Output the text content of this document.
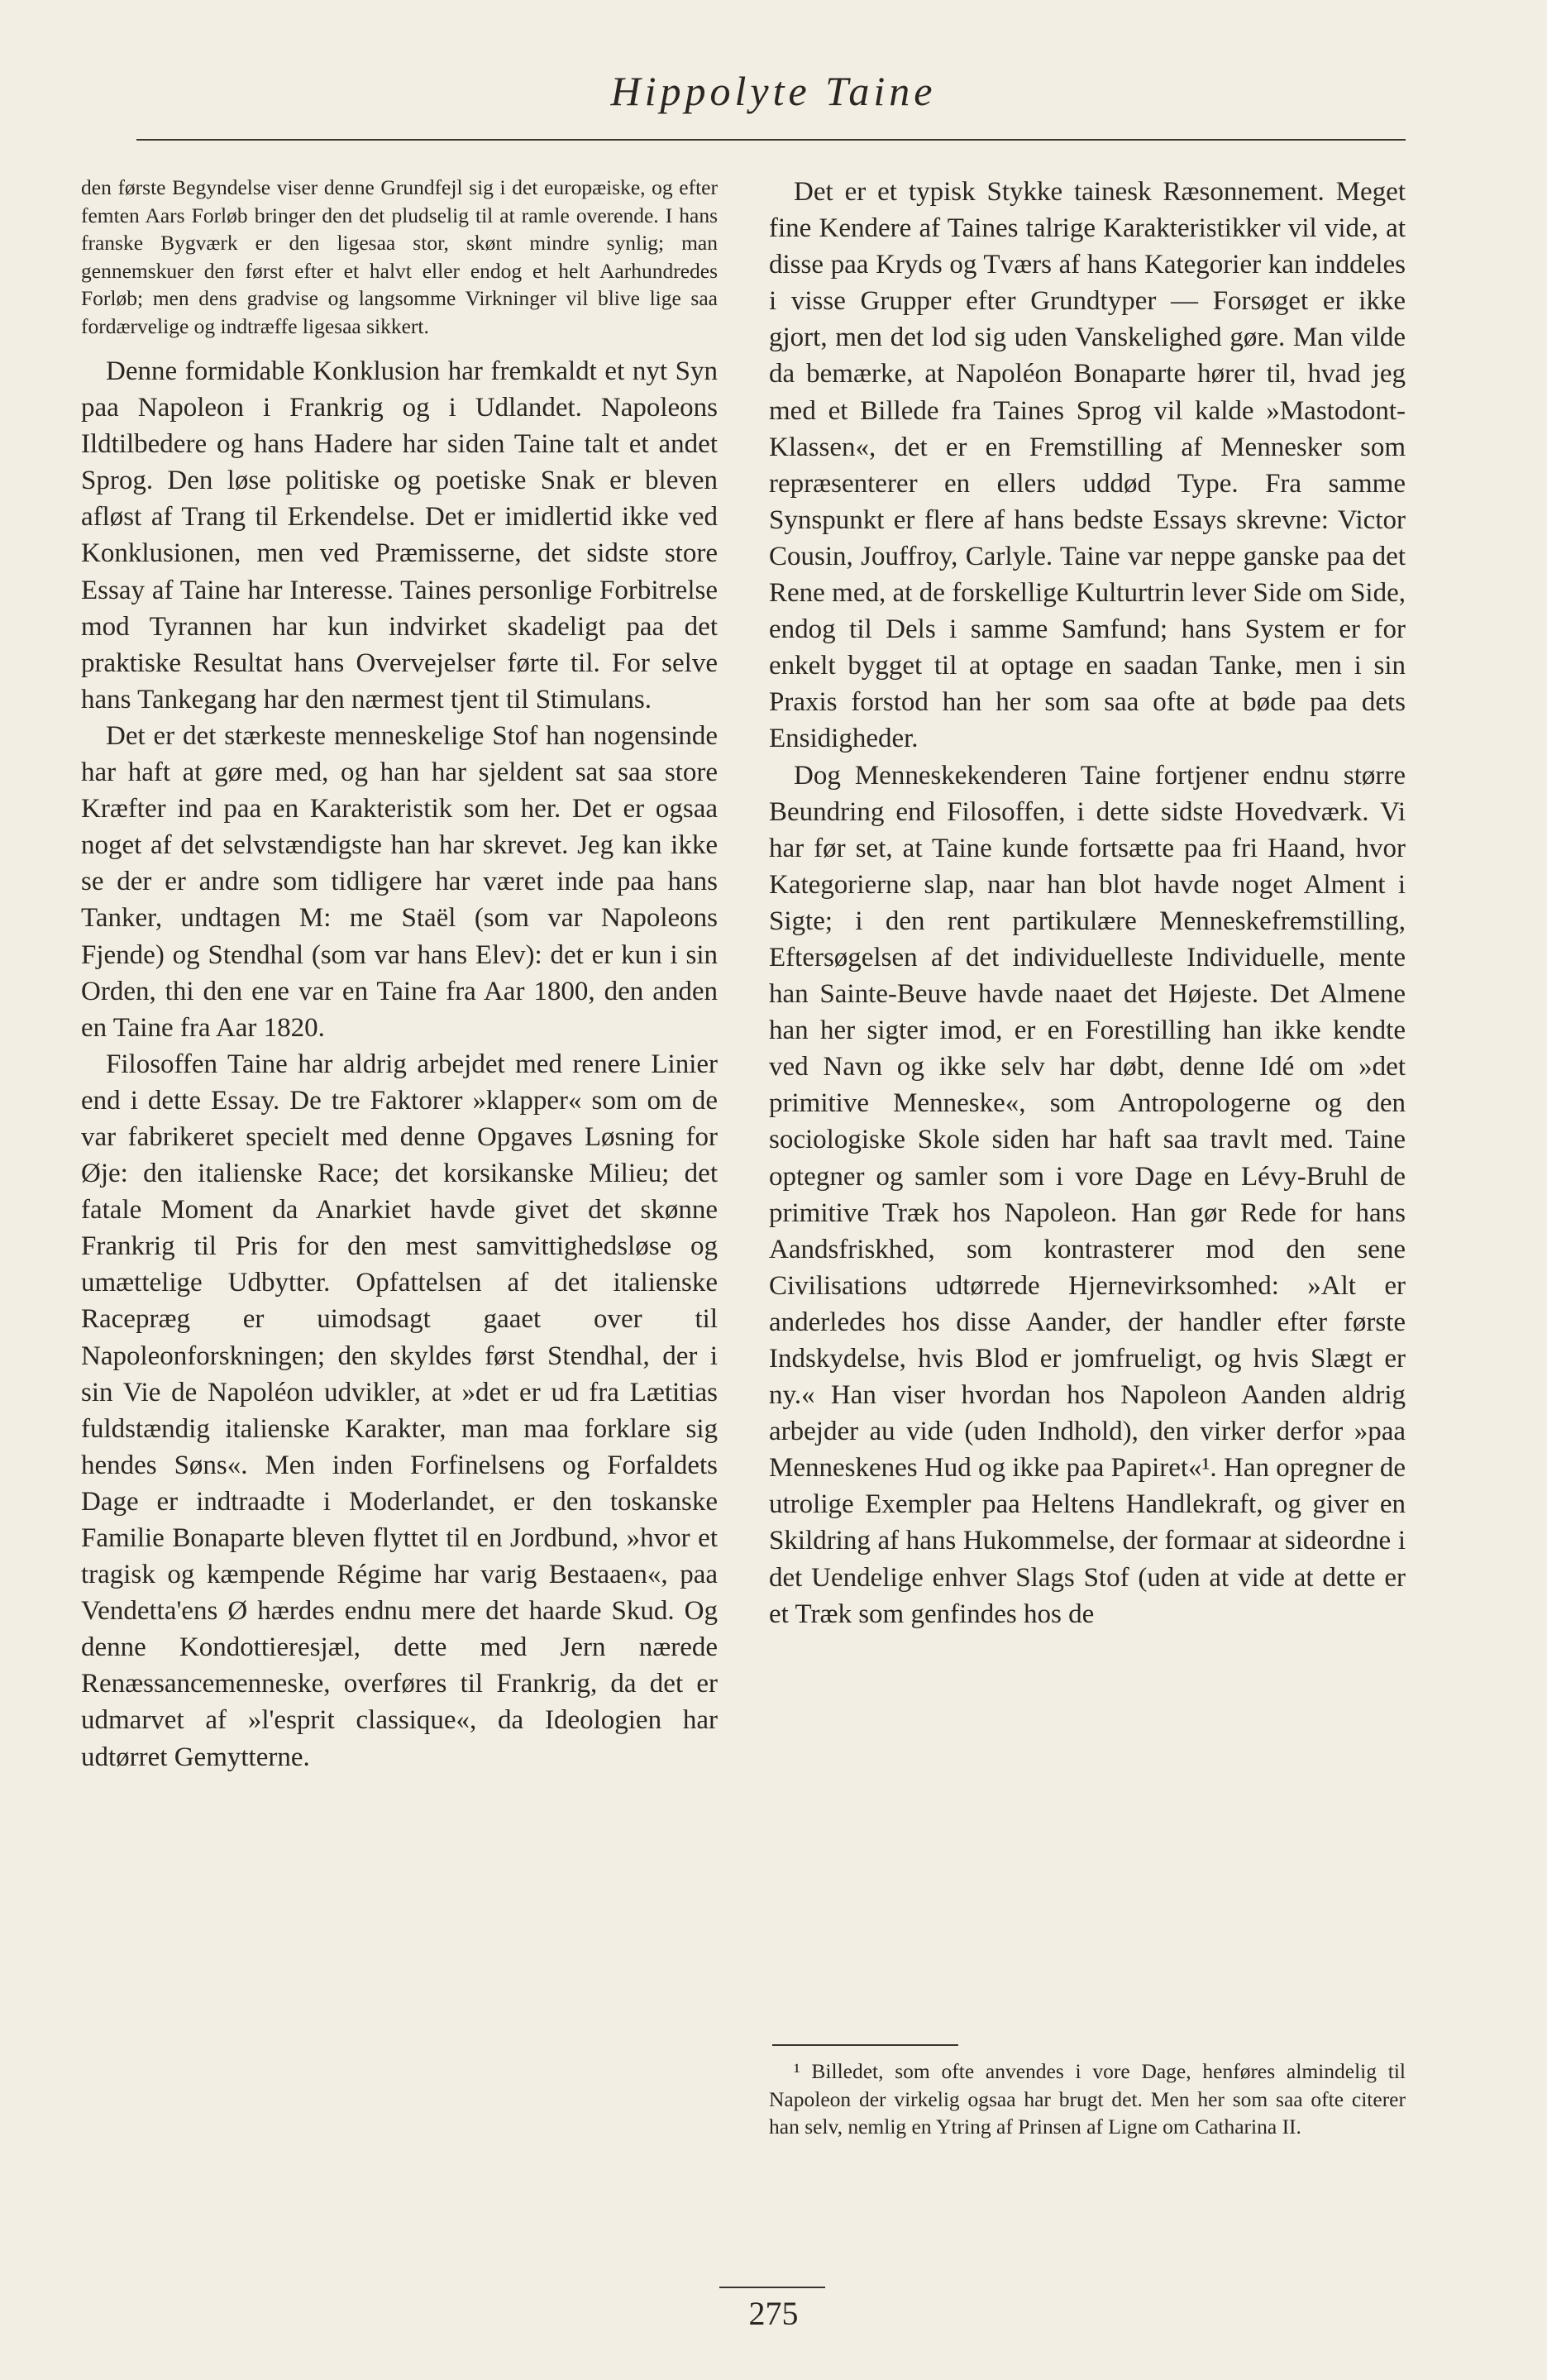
Hippolyte Taine

den første Begyndelse viser denne Grundfejl sig i det europæiske, og efter femten Aars Forløb bringer den det pludselig til at ramle overende. I hans franske Bygværk er den ligesaa stor, skønt mindre synlig; man gennemskuer den først efter et halvt eller endog et helt Aarhundredes Forløb; men dens gradvise og langsomme Virkninger vil blive lige saa fordærvelige og indtræffe ligesaa sikkert.

Denne formidable Konklusion har fremkaldt et nyt Syn paa Napoleon i Frankrig og i Udlandet. Napoleons Ildtilbedere og hans Hadere har siden Taine talt et andet Sprog. Den løse politiske og poetiske Snak er bleven afløst af Trang til Erkendelse. Det er imidlertid ikke ved Konklusionen, men ved Præmisserne, det sidste store Essay af Taine har Interesse. Taines personlige Forbitrelse mod Tyrannen har kun indvirket skadeligt paa det praktiske Resultat hans Overvejelser førte til. For selve hans Tankegang har den nærmest tjent til Stimulans.

Det er det stærkeste menneskelige Stof han nogensinde har haft at gøre med, og han har sjeldent sat saa store Kræfter ind paa en Karakteristik som her. Det er ogsaa noget af det selvstændigste han har skrevet. Jeg kan ikke se der er andre som tidligere har været inde paa hans Tanker, undtagen M: me Staël (som var Napoleons Fjende) og Stendhal (som var hans Elev): det er kun i sin Orden, thi den ene var en Taine fra Aar 1800, den anden en Taine fra Aar 1820.

Filosoffen Taine har aldrig arbejdet med renere Linier end i dette Essay. De tre Faktorer »klapper« som om de var fabrikeret specielt med denne Opgaves Løsning for Øje: den italienske Race; det korsikanske Milieu; det fatale Moment da Anarkiet havde givet det skønne Frankrig til Pris for den mest samvittighedsløse og umættelige Udbytter. Opfattelsen af det italienske Racepræg er uimodsagt gaaet over til Napoleonforskningen; den skyldes først Stendhal, der i sin Vie de Napoléon udvikler, at »det er ud fra Lætitias fuldstændig italienske Karakter, man maa forklare sig hendes Søns«. Men inden Forfinelsens og Forfaldets Dage er indtraadte i Moderlandet, er den toskanske Familie Bonaparte bleven flyttet til en Jordbund, »hvor et tragisk og kæmpende Régime har varig Bestaaen«, paa Vendetta'ens Ø hærdes endnu mere det haarde Skud. Og denne Kondottieresjæl, dette med Jern nærede Renæssancemenneske, overføres til Frankrig, da det er udmarvet af »l'esprit classique«, da Ideologien har udtørret Gemytterne.

Det er et typisk Stykke tainesk Ræsonnement. Meget fine Kendere af Taines talrige Karakteristikker vil vide, at disse paa Kryds og Tværs af hans Kategorier kan inddeles i visse Grupper efter Grundtyper — Forsøget er ikke gjort, men det lod sig uden Vanskelighed gøre. Man vilde da bemærke, at Napoléon Bonaparte hører til, hvad jeg med et Billede fra Taines Sprog vil kalde »Mastodont-Klassen«, det er en Fremstilling af Mennesker som repræsenterer en ellers uddød Type. Fra samme Synspunkt er flere af hans bedste Essays skrevne: Victor Cousin, Jouffroy, Carlyle. Taine var neppe ganske paa det Rene med, at de forskellige Kulturtrin lever Side om Side, endog til Dels i samme Samfund; hans System er for enkelt bygget til at optage en saadan Tanke, men i sin Praxis forstod han her som saa ofte at bøde paa dets Ensidigheder.

Dog Menneskekenderen Taine fortjener endnu større Beundring end Filosoffen, i dette sidste Hovedværk. Vi har før set, at Taine kunde fortsætte paa fri Haand, hvor Kategorierne slap, naar han blot havde noget Alment i Sigte; i den rent partikulære Menneskefremstilling, Eftersøgelsen af det individuelleste Individuelle, mente han Sainte-Beuve havde naaet det Højeste. Det Almene han her sigter imod, er en Forestilling han ikke kendte ved Navn og ikke selv har døbt, denne Idé om »det primitive Menneske«, som Antropologerne og den sociologiske Skole siden har haft saa travlt med. Taine optegner og samler som i vore Dage en Lévy-Bruhl de primitive Træk hos Napoleon. Han gør Rede for hans Aandsfriskhed, som kontrasterer mod den sene Civilisations udtørrede Hjernevirksomhed: »Alt er anderledes hos disse Aander, der handler efter første Indskydelse, hvis Blod er jomfrueligt, og hvis Slægt er ny.« Han viser hvordan hos Napoleon Aanden aldrig arbejder au vide (uden Indhold), den virker derfor »paa Menneskenes Hud og ikke paa Papiret«¹. Han opregner de utrolige Exempler paa Heltens Handlekraft, og giver en Skildring af hans Hukommelse, der formaar at sideordne i det Uendelige enhver Slags Stof (uden at vide at dette er et Træk som genfindes hos de

¹ Billedet, som ofte anvendes i vore Dage, henføres almindelig til Napoleon der virkelig ogsaa har brugt det. Men her som saa ofte citerer han selv, nemlig en Ytring af Prinsen af Ligne om Catharina II.

275
